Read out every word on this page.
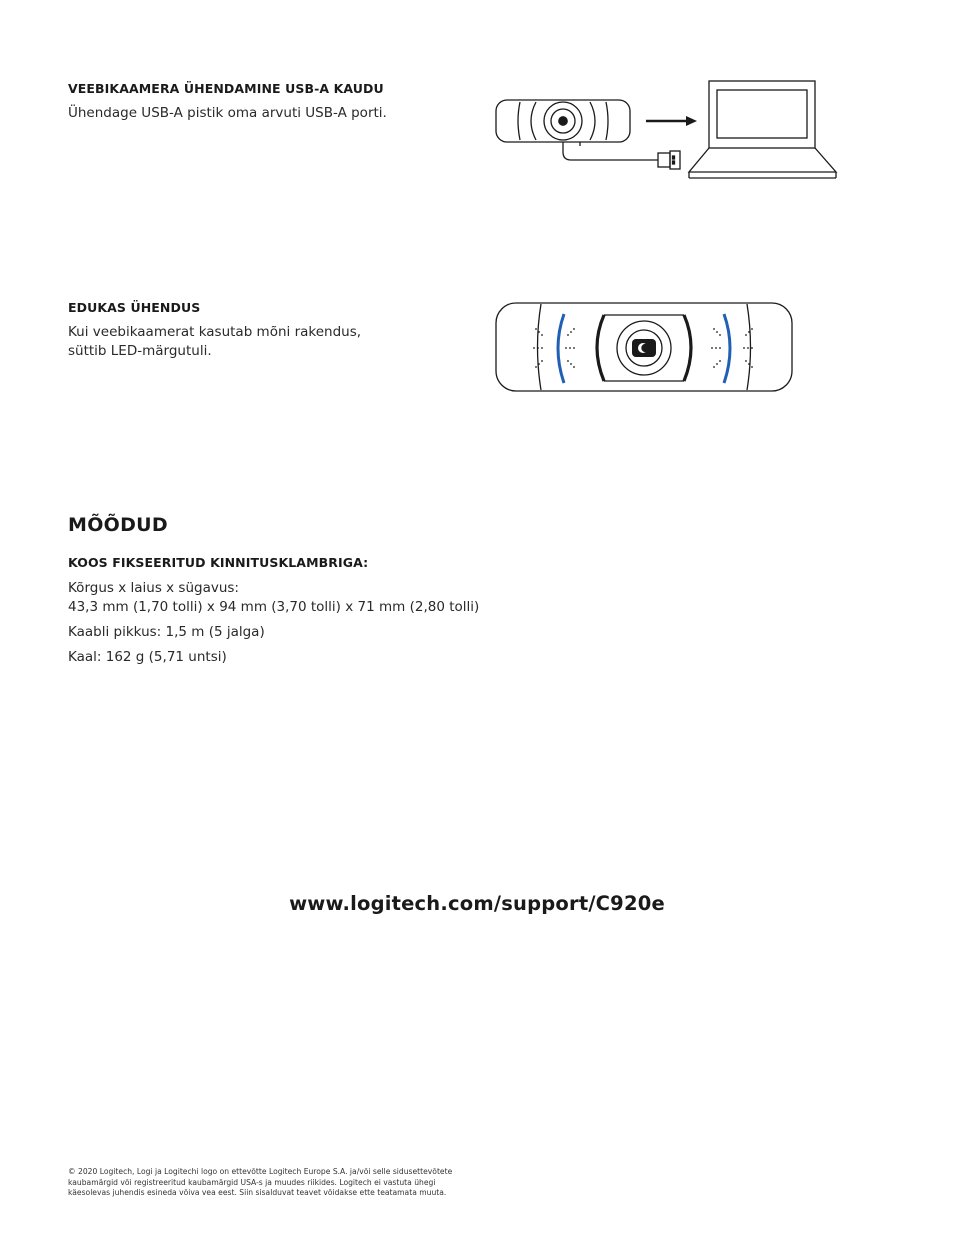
VEEBIKAAMERA ÜHENDAMINE USB-A KAUDU
Ühendage USB-A pistik oma arvuti USB-A porti.
EDUKAS ÜHENDUS
Kui veebikaamerat kasutab mõni rakendus,
süttib LED-märgutuli.
MÕÕDUD
KOOS FIKSEERITUD KINNITUSKLAMBRIGA:
Kõrgus x laius x sügavus:
43,3 mm (1,70 tolli) x 94 mm (3,70 tolli) x 71 mm (2,80 tolli)
Kaabli pikkus: 1,5 m (5 jalga)
Kaal: 162 g (5,71 untsi)
www.logitech.com/support/C920e
© 2020 Logitech, Logi ja Logitechi logo on ettevõtte Logitech Europe S.A. ja/või selle sidusettevõtete
kaubamärgid või registreeritud kaubamärgid USA-s ja muudes riikides. Logitech ei vastuta ühegi
käesolevas juhendis esineda võiva vea eest. Siin sisalduvat teavet võidakse ette teatamata muuta.
